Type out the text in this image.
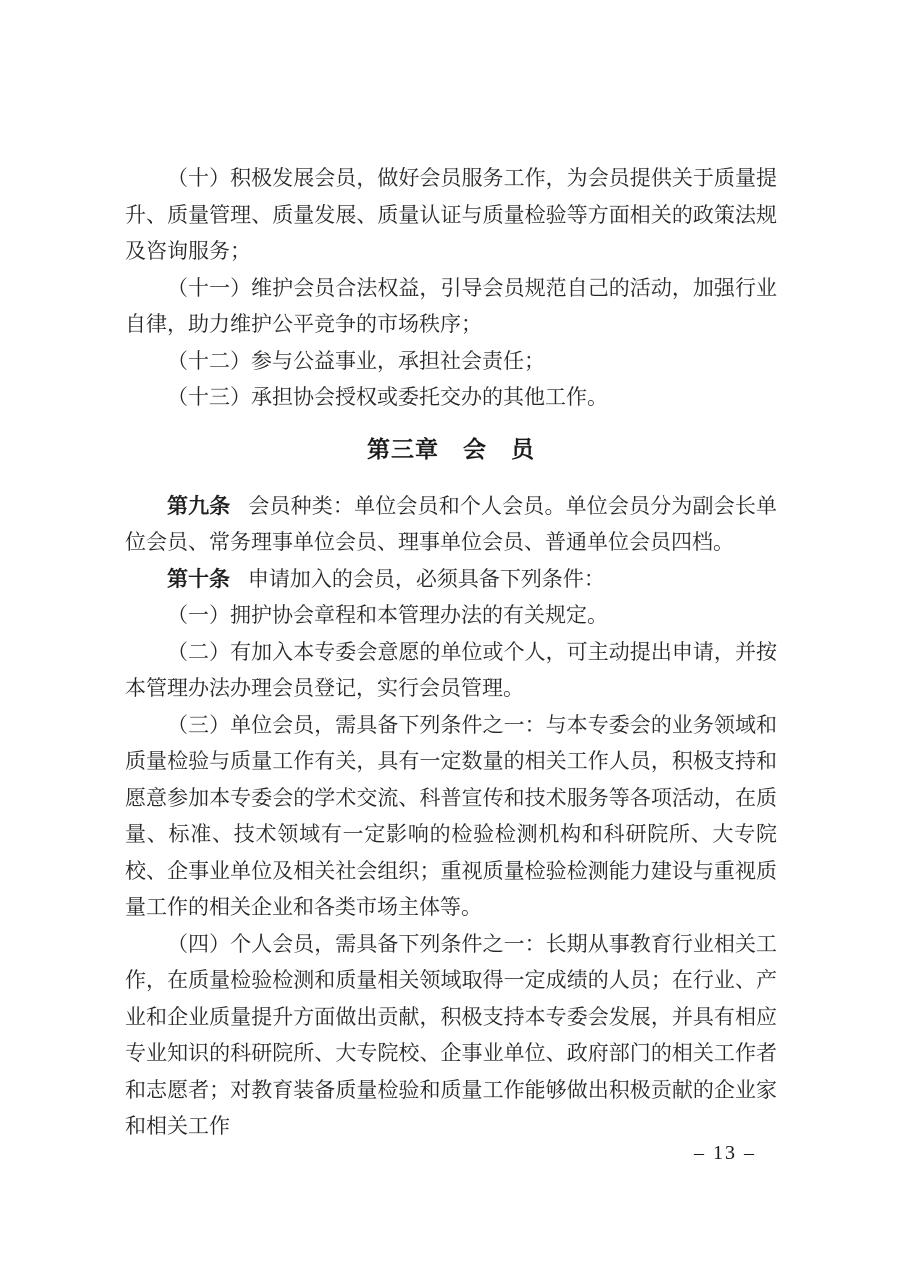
（十）积极发展会员，做好会员服务工作，为会员提供关于质量提升、质量管理、质量发展、质量认证与质量检验等方面相关的政策法规及咨询服务；

（十一）维护会员合法权益，引导会员规范自己的活动，加强行业自律，助力维护公平竞争的市场秩序；

（十二）参与公益事业，承担社会责任；

（十三）承担协会授权或委托交办的其他工作。

第三章　会　员

第九条 会员种类：单位会员和个人会员。单位会员分为副会长单位会员、常务理事单位会员、理事单位会员、普通单位会员四档。

第十条 申请加入的会员，必须具备下列条件：

（一）拥护协会章程和本管理办法的有关规定。

（二）有加入本专委会意愿的单位或个人，可主动提出申请，并按本管理办法办理会员登记，实行会员管理。

（三）单位会员，需具备下列条件之一：与本专委会的业务领域和质量检验与质量工作有关，具有一定数量的相关工作人员，积极支持和愿意参加本专委会的学术交流、科普宣传和技术服务等各项活动，在质量、标准、技术领域有一定影响的检验检测机构和科研院所、大专院校、企事业单位及相关社会组织；重视质量检验检测能力建设与重视质量工作的相关企业和各类市场主体等。

（四）个人会员，需具备下列条件之一：长期从事教育行业相关工作，在质量检验检测和质量相关领域取得一定成绩的人员；在行业、产业和企业质量提升方面做出贡献，积极支持本专委会发展，并具有相应专业知识的科研院所、大专院校、企事业单位、政府部门的相关工作者和志愿者；对教育装备质量检验和质量工作能够做出积极贡献的企业家和相关工作

– 13 –
